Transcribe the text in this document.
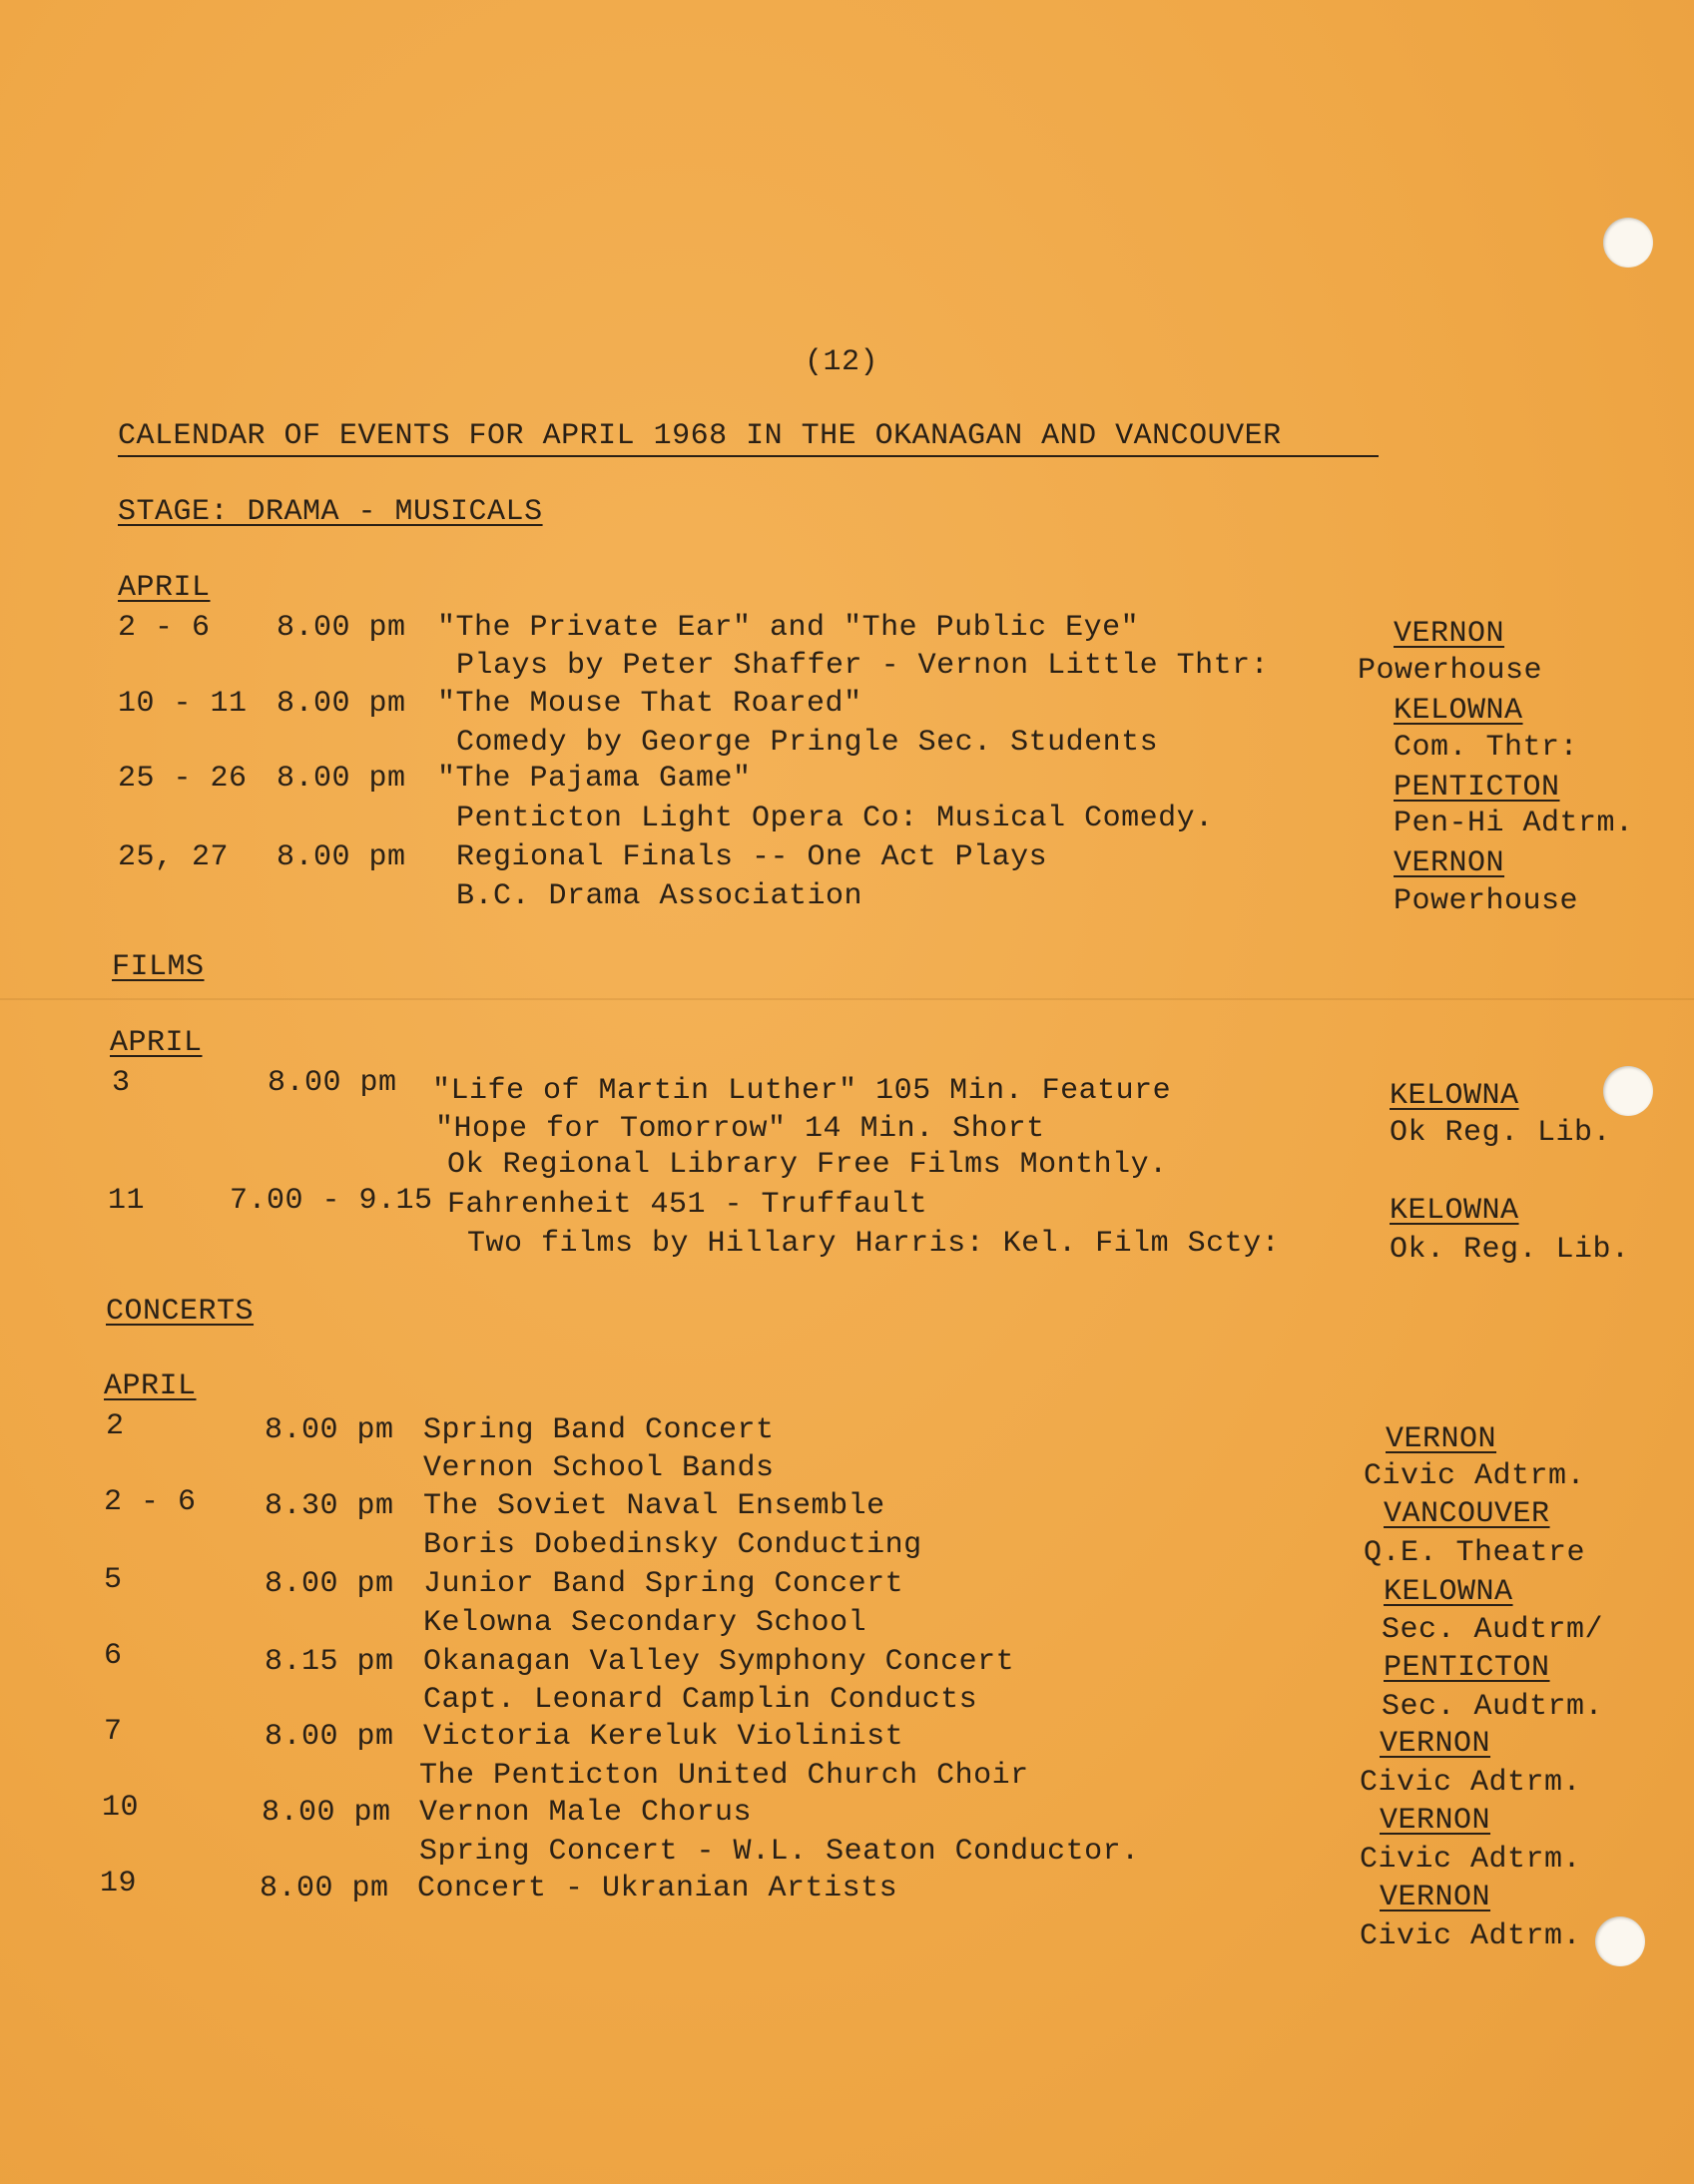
(12)
CALENDAR OF EVENTS FOR APRIL 1968 IN THE OKANAGAN AND VANCOUVER
STAGE: DRAMA - MUSICALS
APRIL
2 - 6 8.00 pm "The Private Ear" and "The Public Eye"
Plays by Peter Shaffer - Vernon Little Thtr:
VERNON
Powerhouse
10 - 11 8.00 pm "The Mouse That Roared"
Comedy by George Pringle Sec. Students
KELOWNA
Com. Thtr:
25 - 26 8.00 pm "The Pajama Game"
Penticton Light Opera Co: Musical Comedy.
PENTICTON
Pen-Hi Adtrm.
25, 27 8.00 pm Regional Finals -- One Act Plays
B.C. Drama Association
VERNON
Powerhouse
FILMS
APRIL
3	8.00 pm "Life of Martin Luther" 105 Min. Feature
"Hope for Tomorrow" 14 Min. Short
Ok Regional Library Free Films Monthly.
KELOWNA
Ok Reg. Lib.
11	7.00 - 9.15 Fahrenheit 451 - Truffault
Two films by Hillary Harris: Kel. Film Scty:
KELOWNA
Ok. Reg. Lib.
CONCERTS
APRIL
2	8.00 pm Spring Band Concert
Vernon School Bands
VERNON
Civic Adtrm.
2 - 6 8.30 pm The Soviet Naval Ensemble
Boris Dobedinsky Conducting
VANCOUVER
Q.E. Theatre
5	8.00 pm Junior Band Spring Concert
Kelowna Secondary School
KELOWNA
Sec. Audtrm/
6	8.15 pm Okanagan Valley Symphony Concert
Capt. Leonard Camplin Conducts
PENTICTON
Sec. Audtrm.
7	8.00 pm Victoria Kereluk Violinist
The Penticton United Church Choir
VERNON
Civic Adtrm.
10	8.00 pm Vernon Male Chorus
Spring Concert - W.L. Seaton Conductor.
VERNON
Civic Adtrm.
19	8.00 pm Concert - Ukranian Artists	VERNON
Civic Adtrm.
